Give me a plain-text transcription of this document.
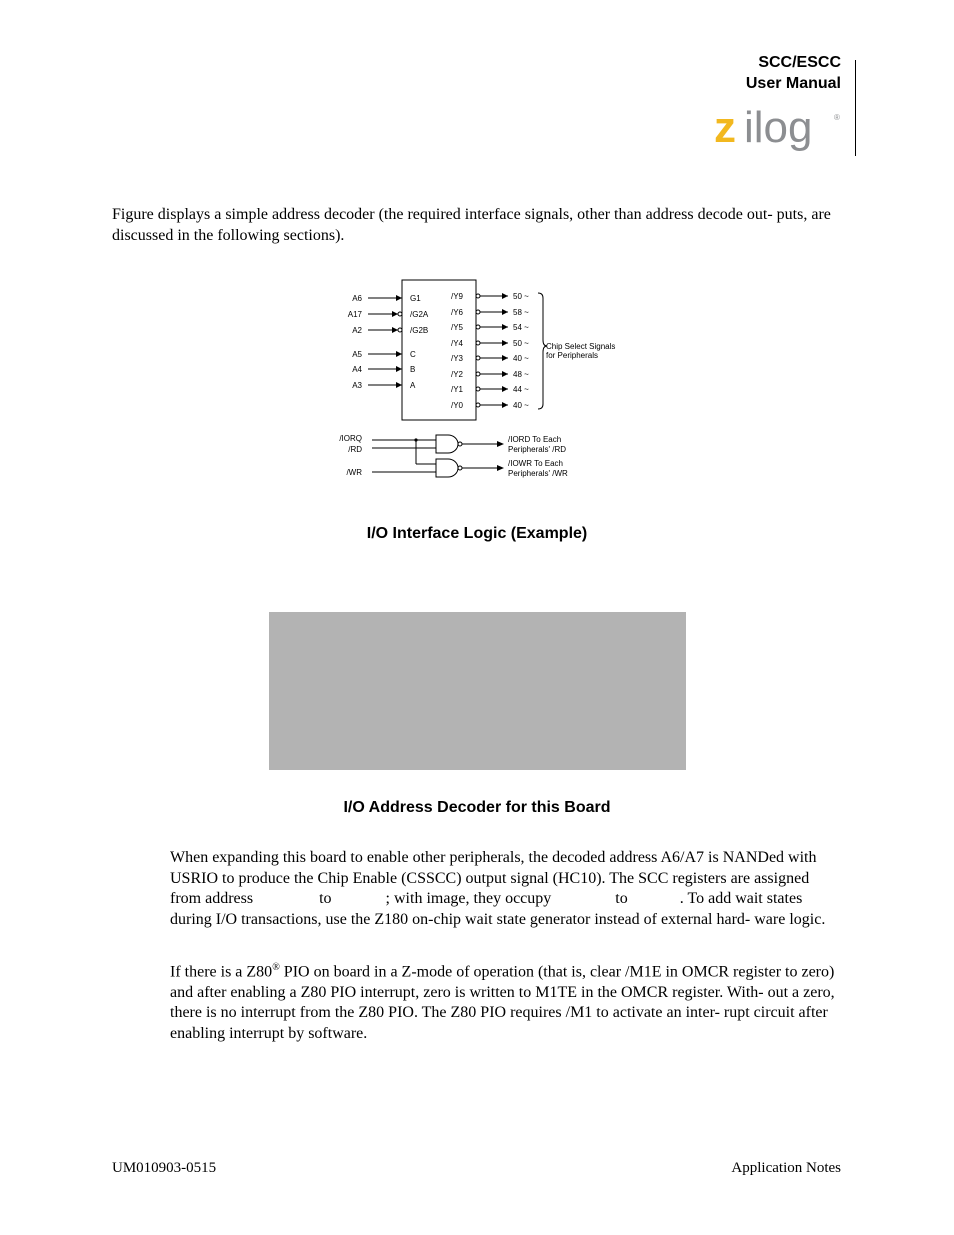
SCC/ESCC
User Manual
z ilog	®
Figure displays a simple address decoder (the required interface signals, other than address decode out- puts, are discussed in the following sections).
A6
A17
A2
A5
A4
A3
G1
/G2A
/G2B
C
B
A
/Y9
/Y6
/Y5
/Y4
/Y3
/Y2
/Y1
/Y0
50 ~
58 ~
54 ~
50 ~
40 ~
48 ~
44 ~
40 ~
Chip Select Signals
for Peripherals
/IORQ
/RD
/WR
/IORD To Each
Peripherals' /RD
/IOWR To Each
Peripherals' /WR
I/O Interface Logic (Example)
I/O Address Decoder for this Board
When expanding this board to enable other peripherals, the decoded address A6/A7 is NANDed with USRIO to produce the Chip Enable (CSSCC) output signal (HC10). The SCC registers are assigned from address	to	; with image, they occupy	to	. To add wait states during I/O transactions, use the Z180 on-chip wait state generator instead of external hard- ware logic.
If there is a Z80® PIO on board in a Z-mode of operation (that is, clear /M1E in OMCR register to zero) and after enabling a Z80 PIO interrupt, zero is written to M1TE in the OMCR register. With- out a zero, there is no interrupt from the Z80 PIO. The Z80 PIO requires /M1 to activate an inter- rupt circuit after enabling interrupt by software.
UM010903-0515	Application Notes
